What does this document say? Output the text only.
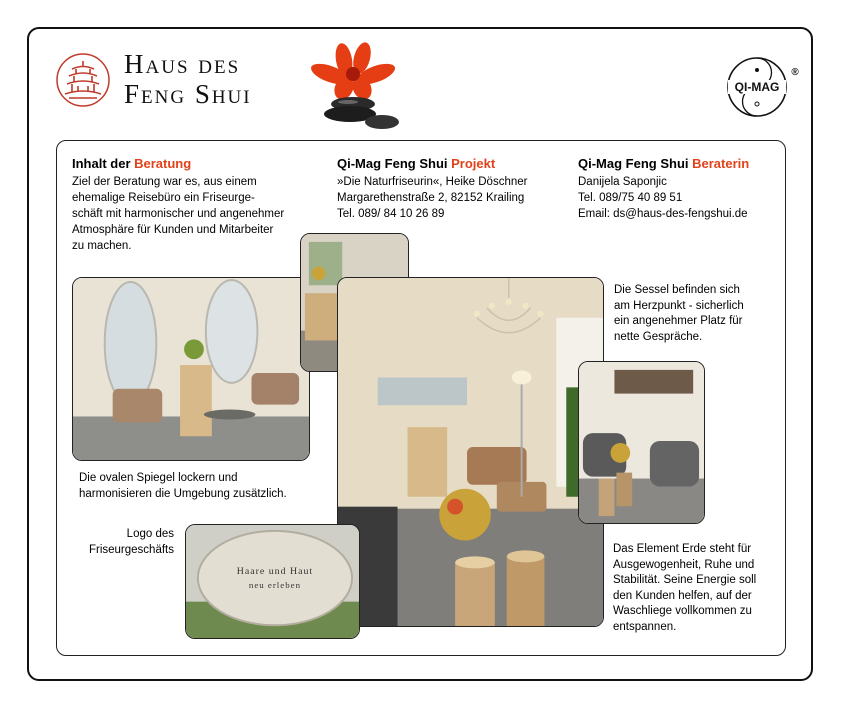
Haus des
Feng Shui	QI-MAG
®
Inhalt der Beratung
Ziel der Beratung war es, aus einem
ehemalige Reisebüro ein Friseurge-
schäft mit harmonischer und angenehmer
Atmosphäre für Kunden und Mitarbeiter
zu machen.
Qi-Mag Feng Shui Projekt
»Die Naturfriseurin«, Heike Döschner
Margarethenstraße 2, 82152 Krailing
Tel. 089/ 84 10 26 89
Qi-Mag Feng Shui Beraterin
Danijela Saponjic
Tel. 089/75 40 89 51
Email: ds@haus-des-fengshui.de
Haare und Haut
neu erleben
Die ovalen Spiegel lockern und
harmonisieren die Umgebung zusätzlich.
Die Sessel befinden sich
am Herzpunkt - sicherlich
ein angenehmer Platz für
nette Gespräche.
Logo des
Friseurgeschäfts	Das Element Erde steht für
Ausgewogenheit, Ruhe und
Stabilität. Seine Energie soll
den Kunden helfen, auf der
Waschliege vollkommen zu
entspannen.
